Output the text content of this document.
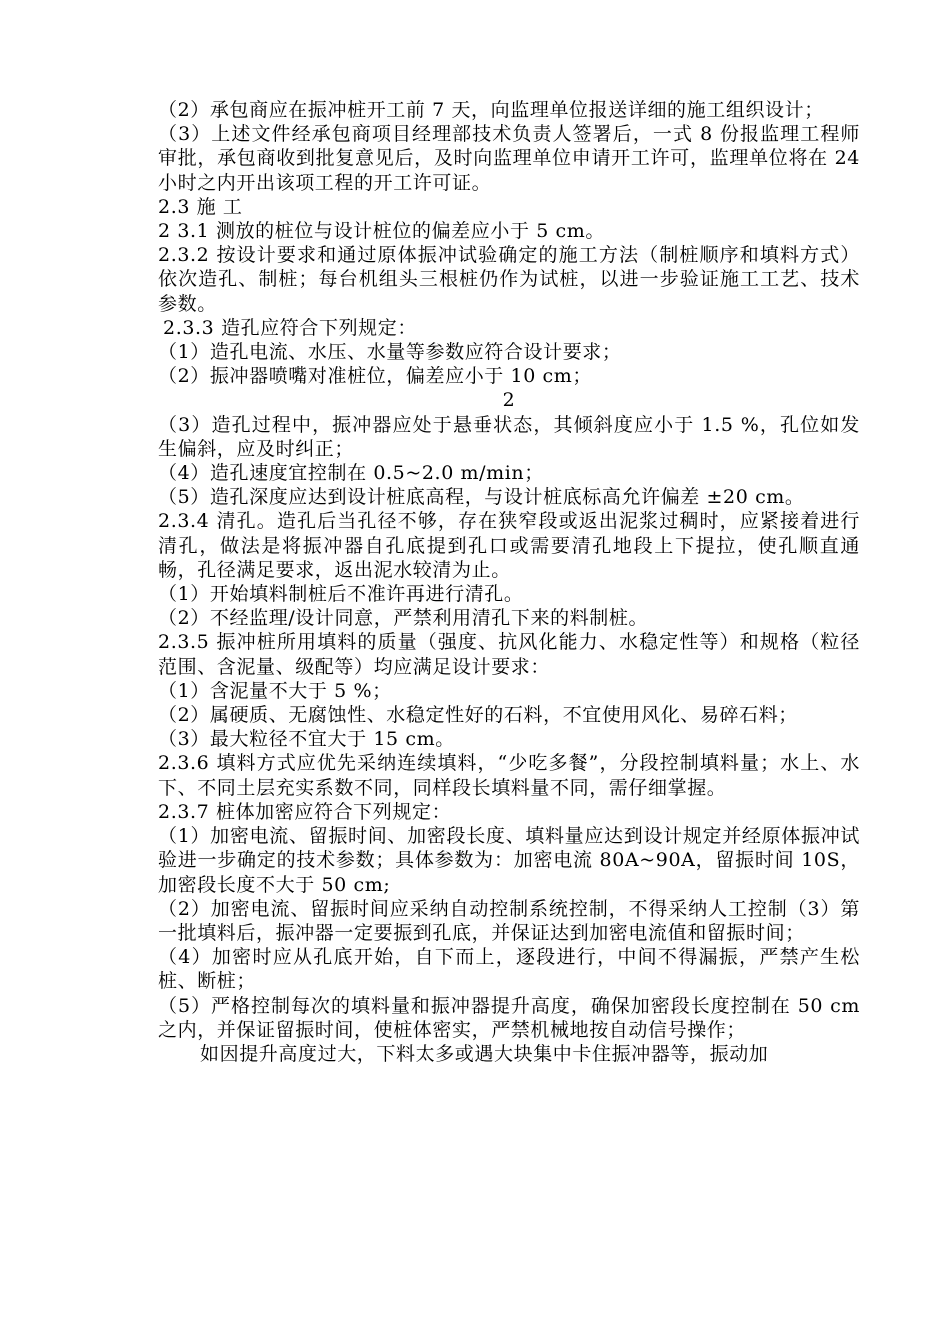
（2）承包商应在振冲桩开工前 7 天，向监理单位报送详细的施工组织设计；

（3）上述文件经承包商项目经理部技术负责人签署后，一式 8 份报监理工程师审批，承包商收到批复意见后，及时向监理单位申请开工许可，监理单位将在 24 小时之内开出该项工程的开工许可证。

2.3 施 工

2 3.1 测放的桩位与设计桩位的偏差应小于 5 cm。

2.3.2 按设计要求和通过原体振冲试验确定的施工方法（制桩顺序和填料方式）依次造孔、制桩；每台机组头三根桩仍作为试桩，以进一步验证施工工艺、技术参数。

2.3.3 造孔应符合下列规定：

（1）造孔电流、水压、水量等参数应符合设计要求；

（2）振冲器喷嘴对准桩位，偏差应小于 10 cm；

2

（3）造孔过程中，振冲器应处于悬垂状态，其倾斜度应小于 1.5 %，孔位如发生偏斜，应及时纠正；

（4）造孔速度宜控制在 0.5~2.0 m/min；

（5）造孔深度应达到设计桩底高程，与设计桩底标高允许偏差 ±20 cm。

2.3.4 清孔。造孔后当孔径不够，存在狭窄段或返出泥浆过稠时，应紧接着进行清孔，做法是将振冲器自孔底提到孔口或需要清孔地段上下提拉，使孔顺直通畅，孔径满足要求，返出泥水较清为止。

（1）开始填料制桩后不准许再进行清孔。

（2）不经监理/设计同意，严禁利用清孔下来的料制桩。

2.3.5 振冲桩所用填料的质量（强度、抗风化能力、水稳定性等）和规格（粒径范围、含泥量、级配等）均应满足设计要求：

（1）含泥量不大于 5 %；

（2）属硬质、无腐蚀性、水稳定性好的石料，不宜使用风化、易碎石料；

（3）最大粒径不宜大于 15 cm。

2.3.6 填料方式应优先采纳连续填料，“少吃多餐”，分段控制填料量；水上、水下、不同土层充实系数不同，同样段长填料量不同，需仔细掌握。

2.3.7 桩体加密应符合下列规定：

（1）加密电流、留振时间、加密段长度、填料量应达到设计规定并经原体振冲试验进一步确定的技术参数；具体参数为：加密电流 80A~90A，留振时间 10S，加密段长度不大于 50 cm;

（2）加密电流、留振时间应采纳自动控制系统控制，不得采纳人工控制（3）第一批填料后，振冲器一定要振到孔底，并保证达到加密电流值和留振时间；

（4）加密时应从孔底开始，自下而上，逐段进行，中间不得漏振，严禁产生松桩、断桩；

（5）严格控制每次的填料量和振冲器提升高度，确保加密段长度控制在 50 cm 之内，并保证留振时间，使桩体密实，严禁机械地按自动信号操作；

如因提升高度过大，下料太多或遇大块集中卡住振冲器等，振动加
